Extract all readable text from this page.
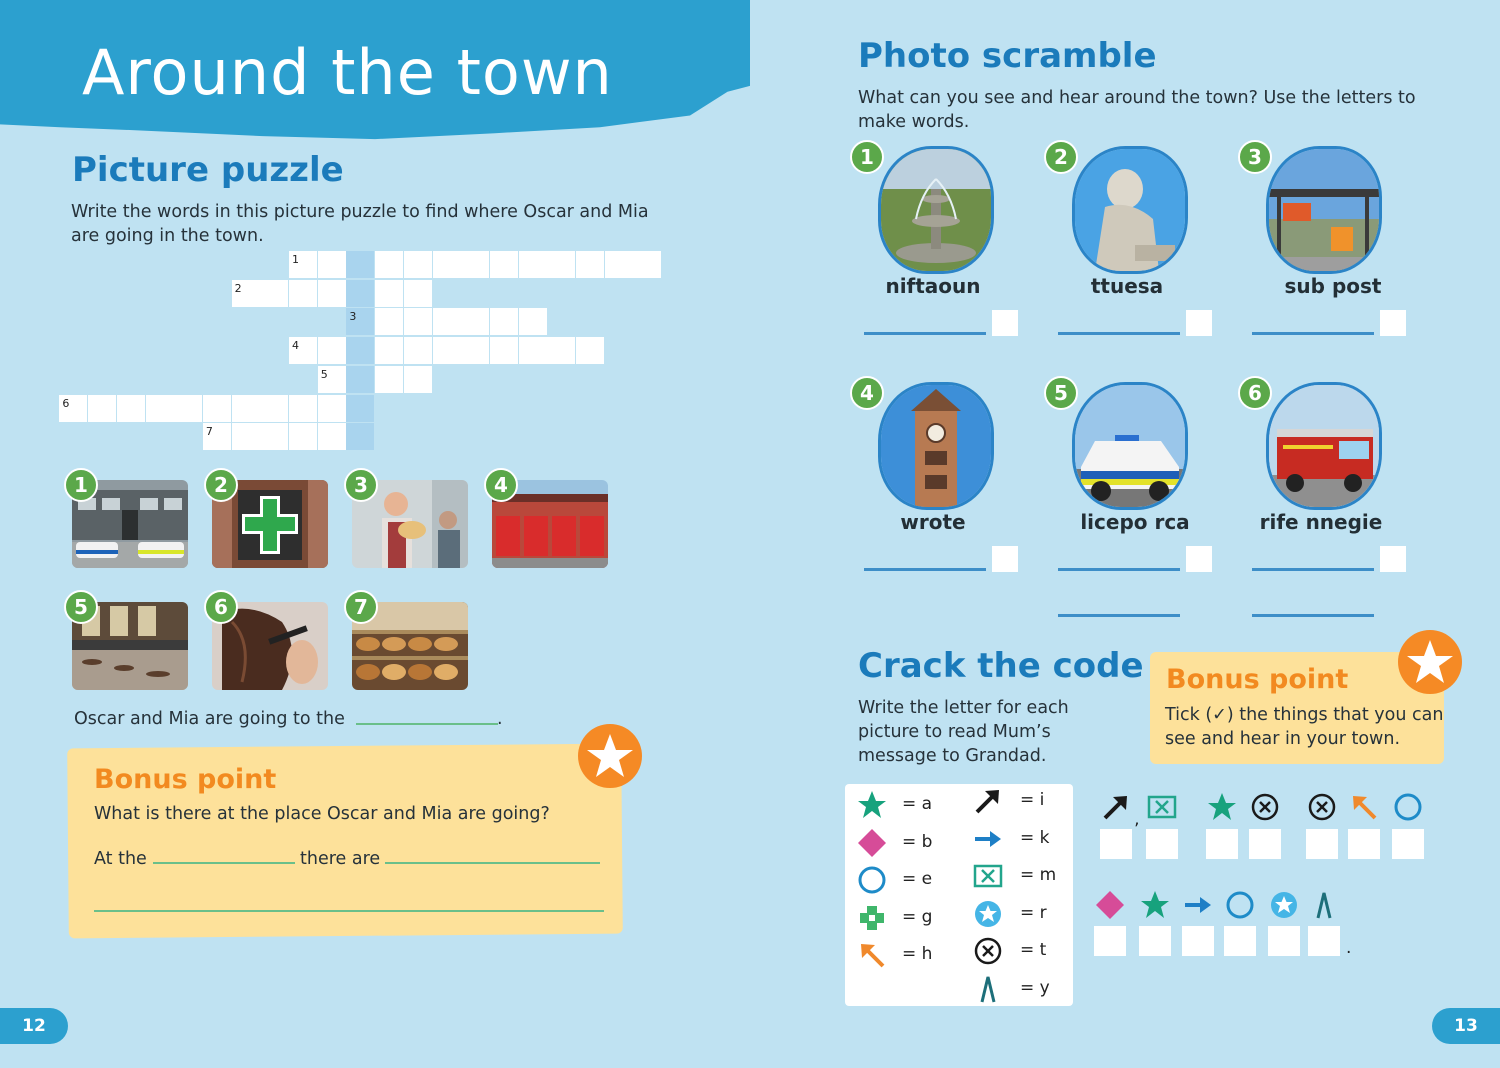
Around the town
Picture puzzle
Write the words in this picture puzzle to find where Oscar and Mia are going in the town.
1
2
3
4
5
6
7
1	2	3	4
5	6	7
Oscar and Mia are going to the	.
Bonus point
What is there at the place Oscar and Mia are going?
At the	there are
12
Photo scramble
What can you see and hear around the town? Use the letters to make words.
1
niftaoun
2
ttuesa
3
sub post
4
wrote
5
licepo rca
6
rife nnegie
Crack the code
Write the letter for each picture to read Mum’s message to Grandad.
Bonus point
Tick (✓) the things that you can see and hear in your town.
= a
= b
= e
= g
= h
= i
= k
= m
= r
= t
= y
’
.
13
